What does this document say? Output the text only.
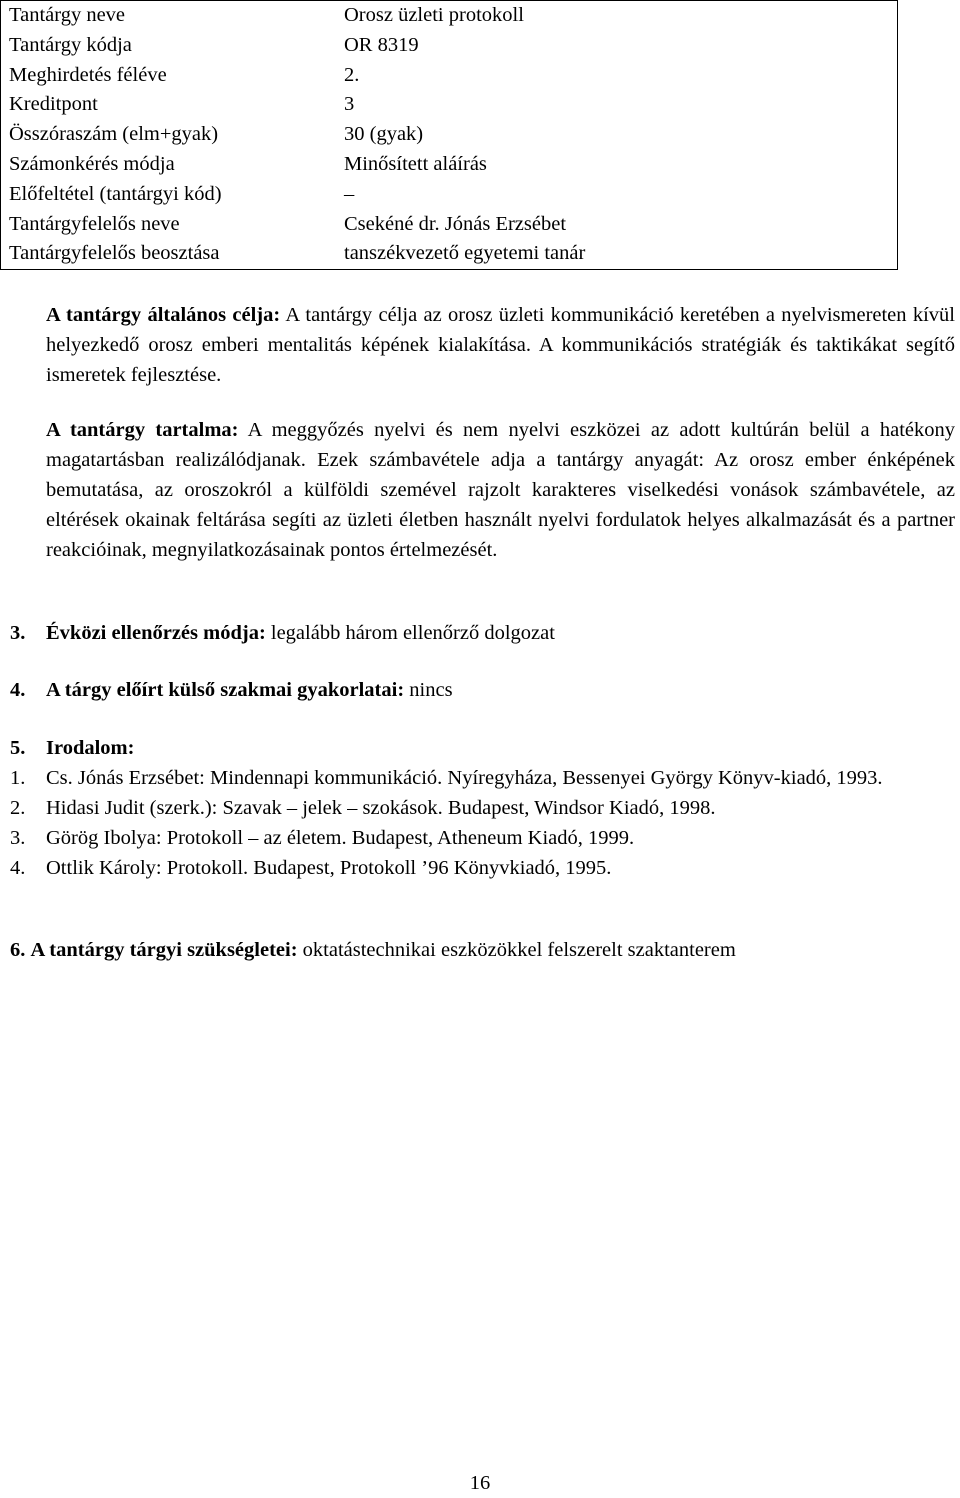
Tantárgy neve	Orosz üzleti protokoll
Tantárgy kódja	OR 8319
Meghirdetés féléve	2.
Kreditpont	3
Összóraszám (elm+gyak)	30 (gyak)
Számonkérés módja	Minősített aláírás
Előfeltétel (tantárgyi kód)	–
Tantárgyfelelős neve	Csekéné dr. Jónás Erzsébet
Tantárgyfelelős beosztása	tanszékvezető egyetemi tanár

A tantárgy általános célja: A tantárgy célja az orosz üzleti kommunikáció keretében a nyelvismereten kívül helyezkedő orosz emberi mentalitás képének kialakítása. A kommunikációs stratégiák és taktikákat segítő ismeretek fejlesztése.

A tantárgy tartalma: A meggyőzés nyelvi és nem nyelvi eszközei az adott kultúrán belül a hatékony magatartásban realizálódjanak. Ezek számbavétele adja a tantárgy anyagát: Az orosz ember énképének bemutatása, az oroszokról a külföldi szemével rajzolt karakteres viselkedési vonások számbavétele, az eltérések okainak feltárása segíti az üzleti életben használt nyelvi fordulatok helyes alkalmazását és a partner reakcióinak, megnyilatkozásainak pontos értelmezését.

3. Évközi ellenőrzés módja: legalább három ellenőrző dolgozat

4. A tárgy előírt külső szakmai gyakorlatai: nincs

5. Irodalom:

1. Cs. Jónás Erzsébet: Mindennapi kommunikáció. Nyíregyháza, Bessenyei György Könyv-kiadó, 1993.
2. Hidasi Judit (szerk.): Szavak – jelek – szokások. Budapest, Windsor Kiadó, 1998.
3. Görög Ibolya: Protokoll – az életem. Budapest, Atheneum Kiadó, 1999.
4. Ottlik Károly: Protokoll. Budapest, Protokoll ’96 Könyvkiadó, 1995.

6. A tantárgy tárgyi szükségletei: oktatástechnikai eszközökkel felszerelt szaktanterem

16
